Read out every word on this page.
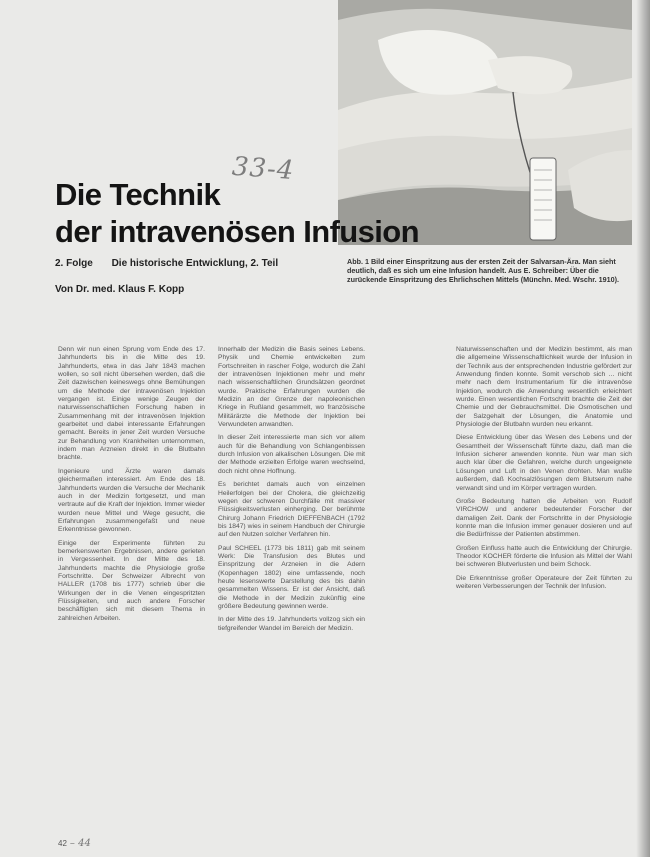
33-4
Die Technik
der intravenösen Infusion
2. Folge Die historische Entwicklung, 2. Teil
Von Dr. med. Klaus F. Kopp
Abb. 1 Bild einer Einspritzung aus der ersten Zeit der Salvarsan-Ära. Man sieht deutlich, daß es sich um eine Infusion handelt. Aus E. Schreiber: Über die zurückende Einspritzung des Ehrlichschen Mittels (Münchn. Med. Wschr. 1910).

Denn wir nun einen Sprung vom Ende des 17. Jahrhunderts bis in die Mitte des 19. Jahrhunderts, etwa in das Jahr 1843 machen wollen, so soll nicht übersehen werden, daß die Zeit dazwischen keineswegs ohne Bemühungen um die Methode der intravenösen Injektion vergangen ist. Einige wenige Zeugen der naturwissenschaftlichen Forschung haben in Zusammenhang mit der intravenösen Injektion gearbeitet und dabei interessante Erfahrungen gemacht. Bereits in jener Zeit wurden Versuche zur Behandlung von Krankheiten unternommen, indem man Arzneien direkt in die Blutbahn brachte.

Ingenieure und Ärzte waren damals gleichermaßen interessiert. Am Ende des 18. Jahrhunderts wurden die Versuche der Mechanik auch in der Medizin fortgesetzt, und man vertraute auf die Kraft der Injektion. Immer wieder wurden neue Mittel und Wege gesucht, die Erfahrungen zusammengefaßt und neue Erkenntnisse gewonnen.

Einige der Experimente führten zu bemerkenswerten Ergebnissen, andere gerieten in Vergessenheit. In der Mitte des 18. Jahrhunderts machte die Physiologie große Fortschritte. Der Schweizer Albrecht von HALLER (1708 bis 1777) schrieb über die Wirkungen der in die Venen eingespritzten Flüssigkeiten, und auch andere Forscher beschäftigten sich mit diesem Thema in zahlreichen Arbeiten.

Innerhalb der Medizin die Basis seines Lebens. Physik und Chemie entwickelten zum Fortschreiten in rascher Folge, wodurch die Zahl der intravenösen Injektionen mehr und mehr nach wissenschaftlichen Grundsätzen geordnet wurde. Praktische Erfahrungen wurden die Medizin an der Grenze der napoleonischen Kriege in Rußland gesammelt, wo französische Militärärzte die Methode der Injektion bei Verwundeten anwandten.

In dieser Zeit interessierte man sich vor allem auch für die Behandlung von Schlangenbissen durch Infusion von alkalischen Lösungen. Die mit der Methode erzielten Erfolge waren wechselnd, doch nicht ohne Hoffnung.

Es berichtet damals auch von einzelnen Heilerfolgen bei der Cholera, die gleichzeitig wegen der schweren Durchfälle mit massiver Flüssigkeitsverlusten einherging. Der berühmte Chirurg Johann Friedrich DIEFFENBACH (1792 bis 1847) wies in seinem Handbuch der Chirurgie auf den Nutzen solcher Verfahren hin.

Paul SCHEEL (1773 bis 1811) gab mit seinem Werk: Die Transfusion des Blutes und Einspritzung der Arzneien in die Adern (Kopenhagen 1802) eine umfassende, noch heute lesenswerte Darstellung des bis dahin gesammelten Wissens. Er ist der Ansicht, daß die Methode in der Medizin zukünftig eine größere Bedeutung gewinnen werde.

In der Mitte des 19. Jahrhunderts vollzog sich ein tiefgreifender Wandel im Bereich der Medizin.

Naturwissenschaften und der Medizin bestimmt, als man die allgemeine Wissenschaftlichkeit wurde der Infusion in der Technik aus der entsprechenden Industrie gefördert zur Anwendung finden konnte. Somit verschob sich ... nicht mehr nach dem Instrumentarium für die intravenöse Injektion, wodurch die Anwendung wesentlich erleichtert wurde. Einen wesentlichen Fortschritt brachte die Zeit der Chemie und der Gebrauchsmittel. Die Osmotischen und der Salzgehalt der Lösungen, die Anatomie und Physiologie der Blutbahn wurden neu erkannt.

Diese Entwicklung über das Wesen des Lebens und der Gesamtheit der Wissenschaft führte dazu, daß man die Infusion sicherer anwenden konnte. Nun war man sich auch klar über die Gefahren, welche durch ungeeignete Lösungen und Luft in den Venen drohten. Man wußte außerdem, daß Kochsalzlösungen dem Blutserum nahe verwandt sind und im Körper vertragen wurden.

Große Bedeutung hatten die Arbeiten von Rudolf VIRCHOW und anderer bedeutender Forscher der damaligen Zeit. Dank der Fortschritte in der Physiologie konnte man die Infusion immer genauer dosieren und auf die Bedürfnisse der Patienten abstimmen.

Großen Einfluss hatte auch die Entwicklung der Chirurgie. Theodor KOCHER förderte die Infusion als Mittel der Wahl bei schweren Blutverlusten und beim Schock.

Die Erkenntnisse großer Operateure der Zeit führten zu weiteren Verbesserungen der Technik der Infusion.

42 – 44
